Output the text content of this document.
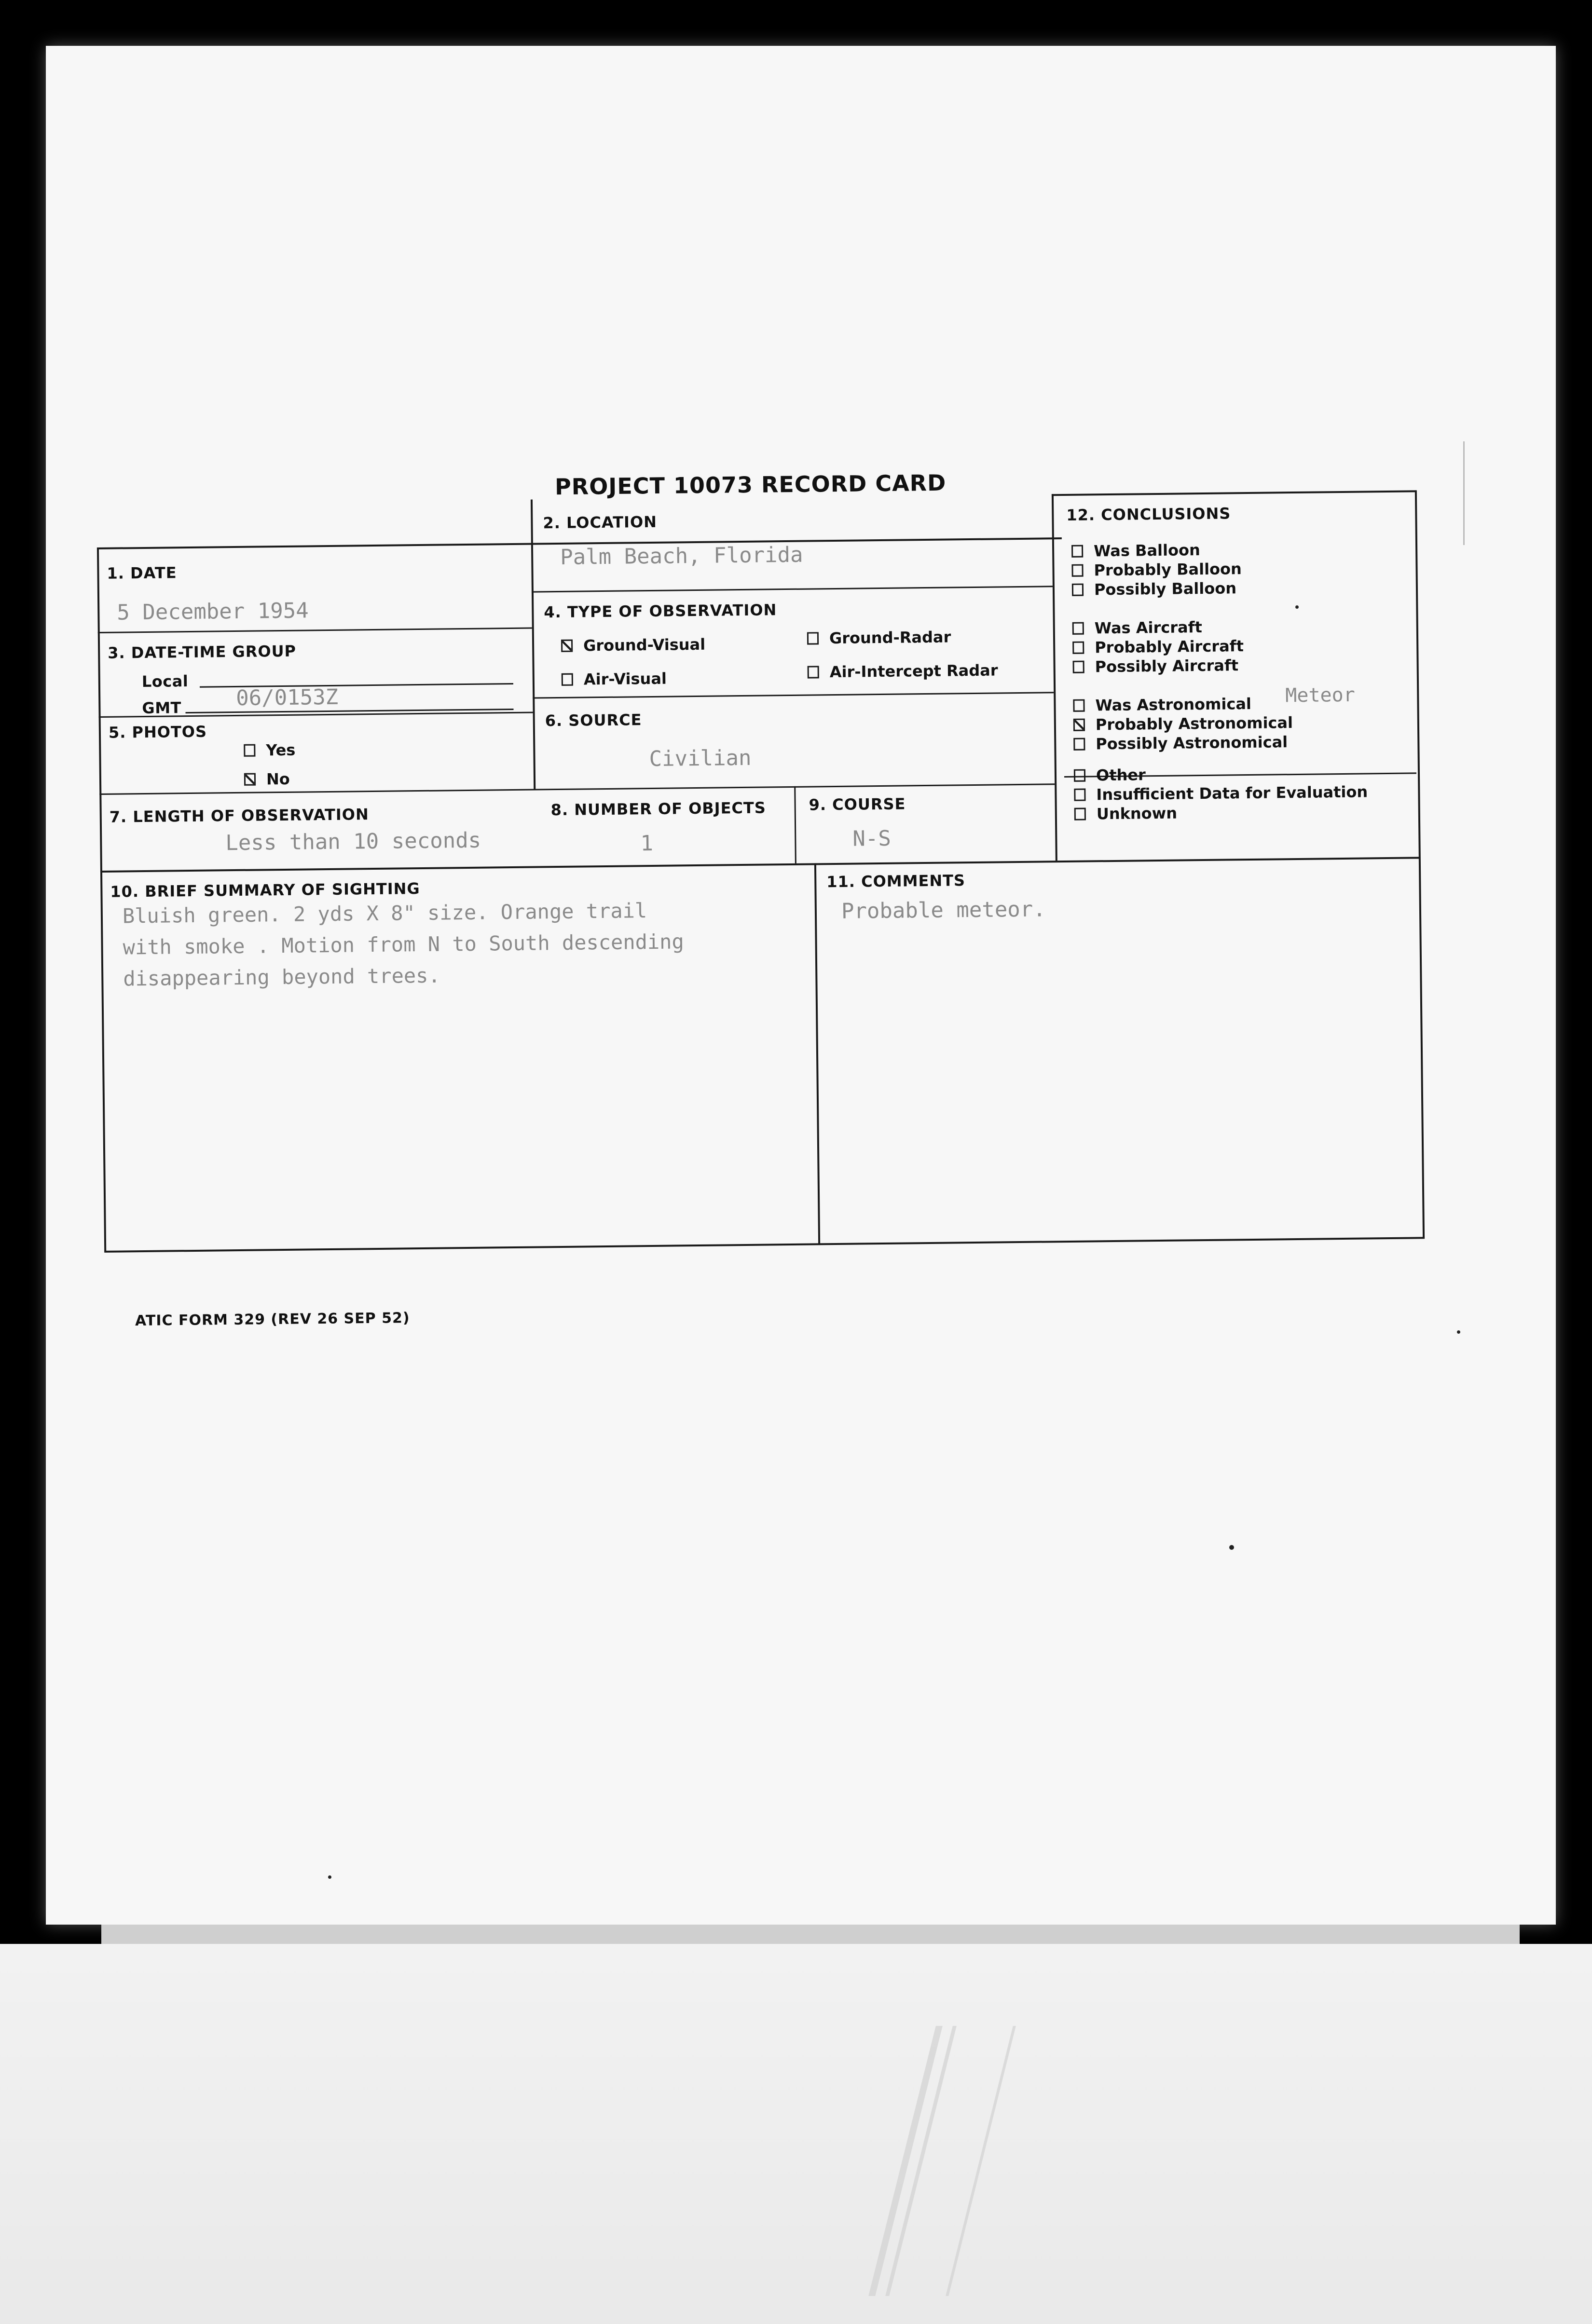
PROJECT 10073 RECORD CARD
1. DATE
5 December 1954
2. LOCATION
Palm Beach, Florida
3. DATE-TIME GROUP
Local
GMT	06/0153Z
4. TYPE OF OBSERVATION
Ground-Visual	Ground-Radar
Air-Visual	Air-Intercept Radar
5. PHOTOS
Yes
No
6. SOURCE
Civilian
7. LENGTH OF OBSERVATION
Less than 10 seconds
8. NUMBER OF OBJECTS
1
9. COURSE
N-S
10. BRIEF SUMMARY OF SIGHTING
Bluish green. 2 yds X 8" size. Orange trail
with smoke . Motion from N to South descending
disappearing beyond trees.
11. COMMENTS
Probable meteor.
12. CONCLUSIONS
Was Balloon
Probably Balloon
Possibly Balloon
Was Aircraft
Probably Aircraft
Possibly Aircraft
Was Astronomical Meteor
Probably Astronomical
Possibly Astronomical
Other
Insufficient Data for Evaluation
Unknown
ATIC FORM 329 (REV 26 SEP 52)
